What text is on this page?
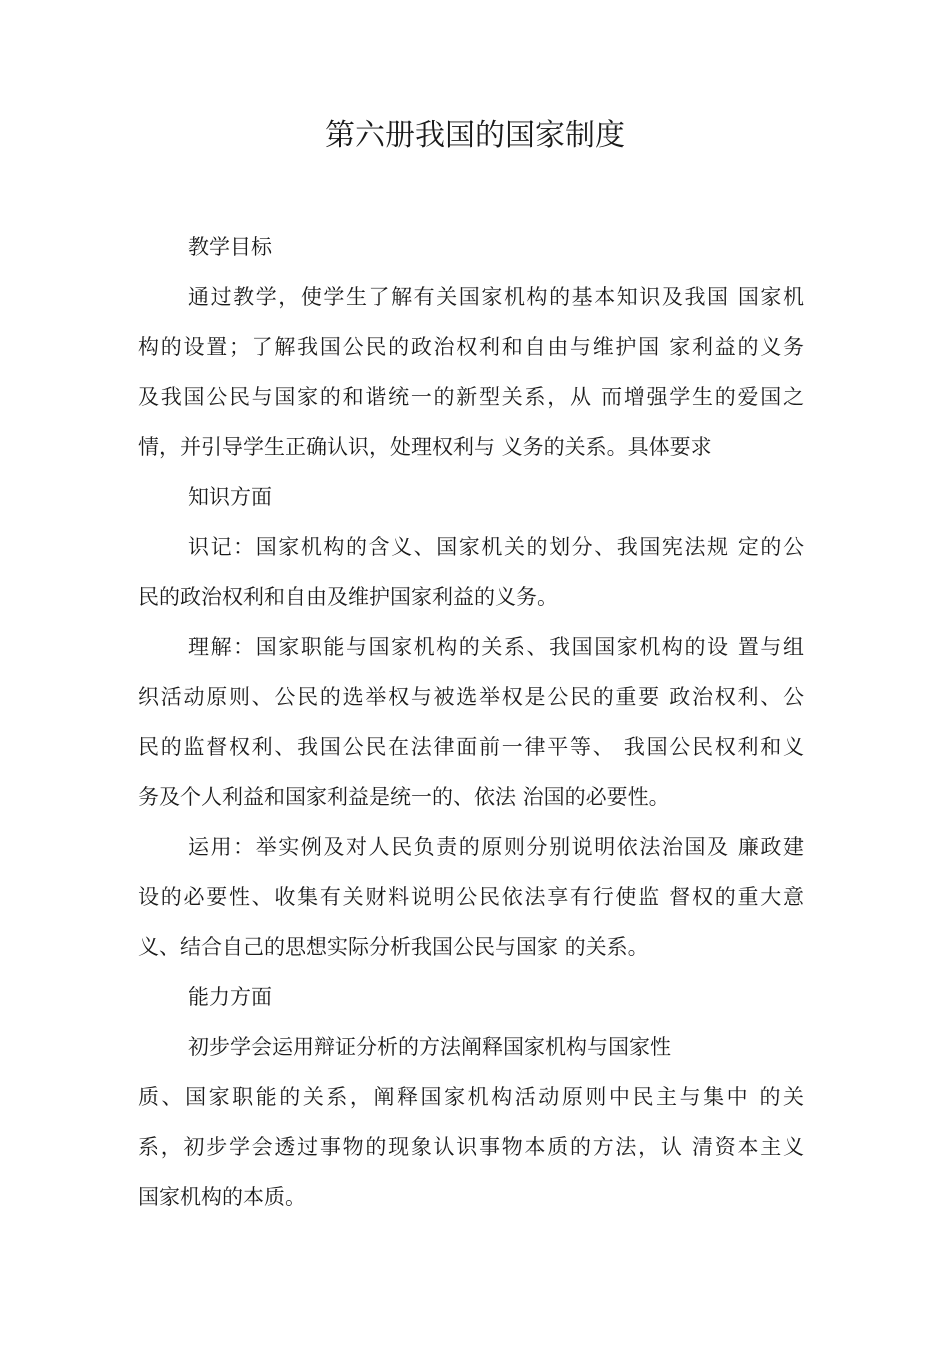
第六册我国的国家制度
教学目标
通过教学，使学生了解有关国家机构的基本知识及我国 国家机
构的设置；了解我国公民的政治权利和自由与维护国 家利益的义务
及我国公民与国家的和谐统一的新型关系，从 而增强学生的爱国之
情，并引导学生正确认识，处理权利与 义务的关系。具体要求
知识方面
识记：国家机构的含义、国家机关的划分、我国宪法规 定的公
民的政治权利和自由及维护国家利益的义务。
理解：国家职能与国家机构的关系、我国国家机构的设 置与组
织活动原则、公民的选举权与被选举权是公民的重要 政治权利、公
民的监督权利、我国公民在法律面前一律平等、 我国公民权利和义
务及个人利益和国家利益是统一的、依法 治国的必要性。
运用：举实例及对人民负责的原则分别说明依法治国及 廉政建
设的必要性、收集有关财料说明公民依法享有行使监 督权的重大意
义、结合自己的思想实际分析我国公民与国家 的关系。
能力方面
初步学会运用辩证分析的方法阐释国家机构与国家性
质、国家职能的关系，阐释国家机构活动原则中民主与集中 的关
系，初步学会透过事物的现象认识事物本质的方法，认 清资本主义
国家机构的本质。
